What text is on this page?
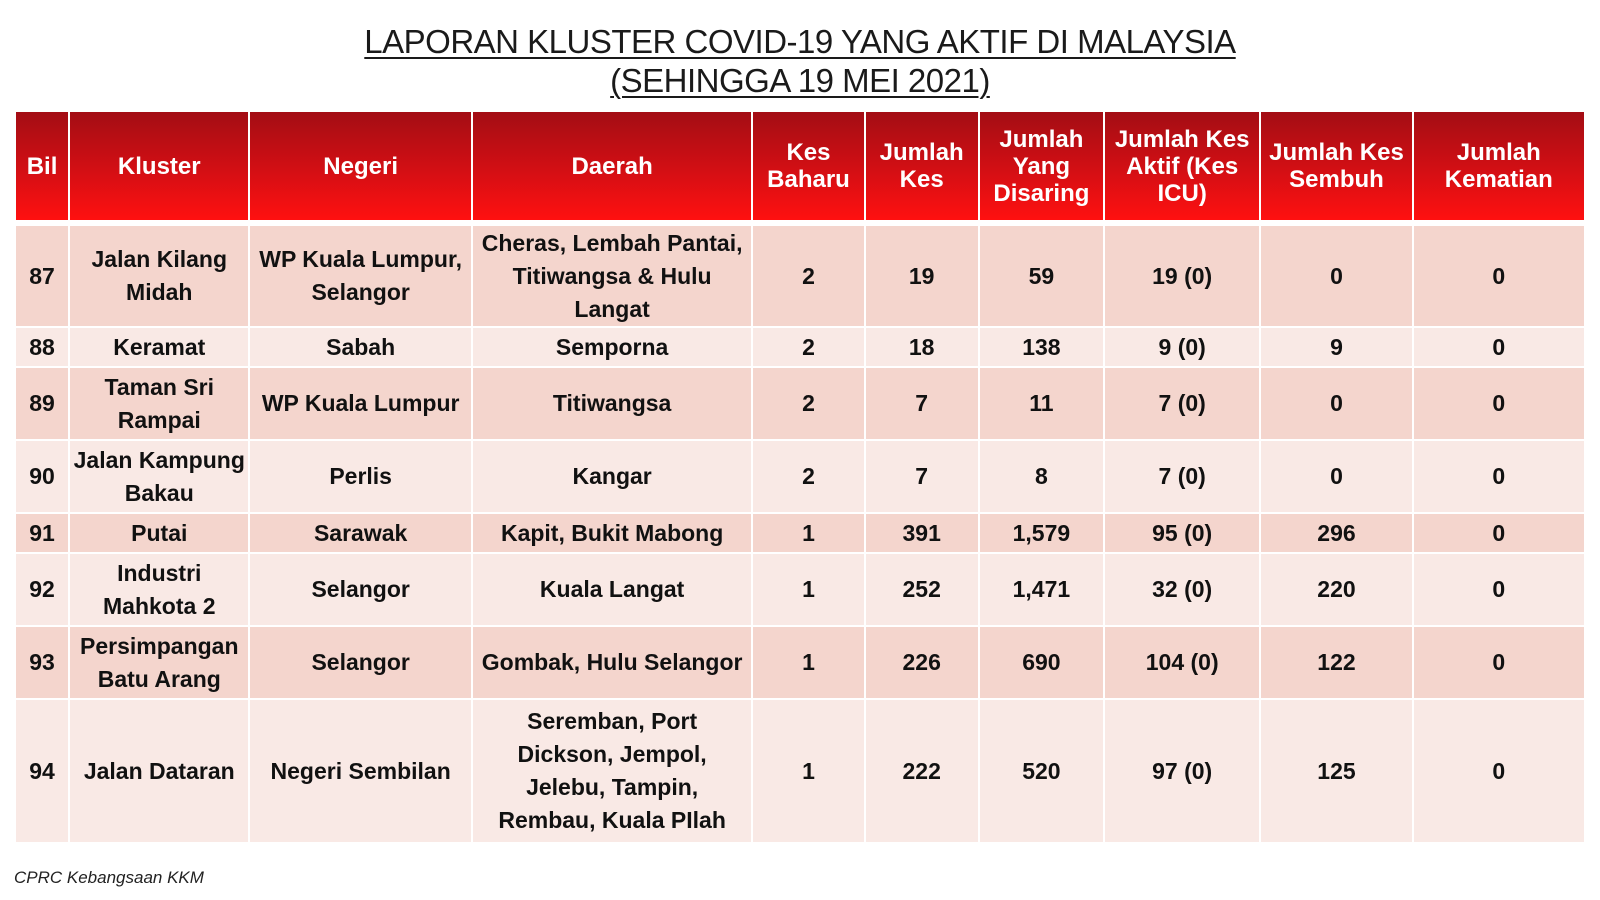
LAPORAN KLUSTER COVID-19 YANG AKTIF DI MALAYSIA
(SEHINGGA 19 MEI 2021)
Bil	Kluster	Negeri	Daerah	Kes Baharu	Jumlah Kes	Jumlah Yang Disaring	Jumlah Kes Aktif (Kes ICU)	Jumlah Kes Sembuh	Jumlah Kematian
87	Jalan Kilang Midah	WP Kuala Lumpur, Selangor	Cheras, Lembah Pantai, Titiwangsa & Hulu Langat	2	19	59	19 (0)	0	0
88	Keramat	Sabah	Semporna	2	18	138	9 (0)	9	0
89	Taman Sri Rampai	WP Kuala Lumpur	Titiwangsa	2	7	11	7 (0)	0	0
90	Jalan Kampung Bakau	Perlis	Kangar	2	7	8	7 (0)	0	0
91	Putai	Sarawak	Kapit, Bukit Mabong	1	391	1,579	95 (0)	296	0
92	Industri Mahkota 2	Selangor	Kuala Langat	1	252	1,471	32 (0)	220	0
93	Persimpangan Batu Arang	Selangor	Gombak, Hulu Selangor	1	226	690	104 (0)	122	0
94	Jalan Dataran	Negeri Sembilan	Seremban, Port Dickson, Jempol, Jelebu, Tampin, Rembau, Kuala PIlah	1	222	520	97 (0)	125	0
CPRC Kebangsaan KKM
